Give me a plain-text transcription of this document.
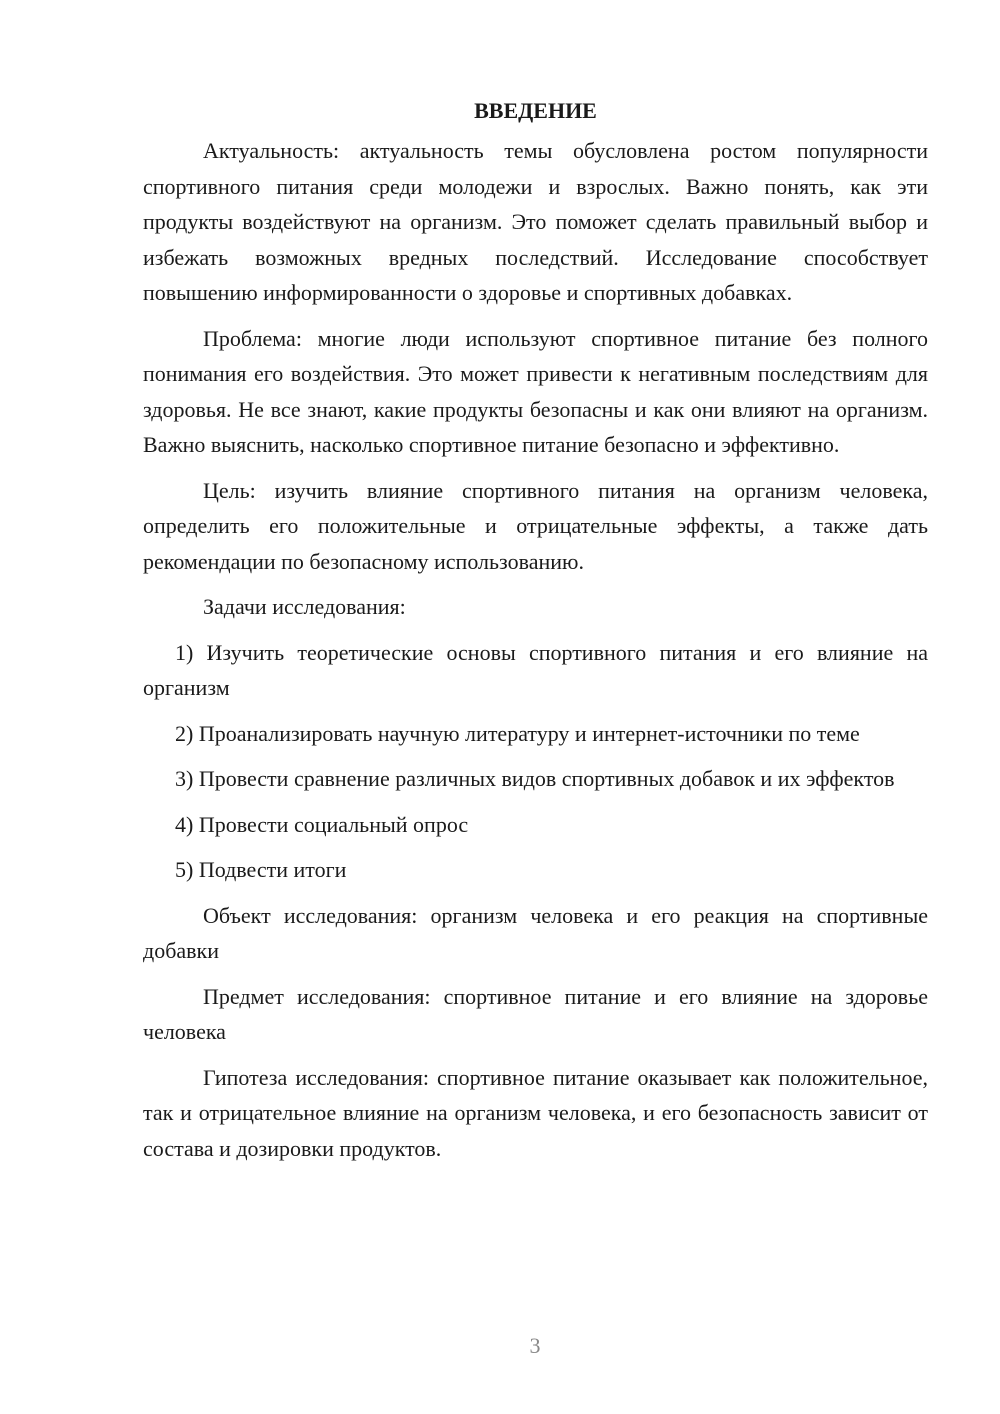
ВВЕДЕНИЕ

Актуальность: актуальность темы обусловлена ростом популярности спортивного питания среди молодежи и взрослых. Важно понять, как эти продукты воздействуют на организм. Это поможет сделать правильный выбор и избежать возможных вредных последствий. Исследование способствует повышению информированности о здоровье и спортивных добавках.

Проблема: многие люди используют спортивное питание без полного понимания его воздействия. Это может привести к негативным последствиям для здоровья. Не все знают, какие продукты безопасны и как они влияют на организм. Важно выяснить, насколько спортивное питание безопасно и эффективно.

Цель: изучить влияние спортивного питания на организм человека, определить его положительные и отрицательные эффекты, а также дать рекомендации по безопасному использованию.

Задачи исследования:

1) Изучить теоретические основы спортивного питания и его влияние на организм

2) Проанализировать научную литературу и интернет-источники по теме

3) Провести сравнение различных видов спортивных добавок и их эффектов

4) Провести социальный опрос

5) Подвести итоги

Объект исследования: организм человека и его реакция на спортивные добавки

Предмет исследования: спортивное питание и его влияние на здоровье человека

Гипотеза исследования: спортивное питание оказывает как положительное, так и отрицательное влияние на организм человека, и его безопасность зависит от состава и дозировки продуктов.

3
